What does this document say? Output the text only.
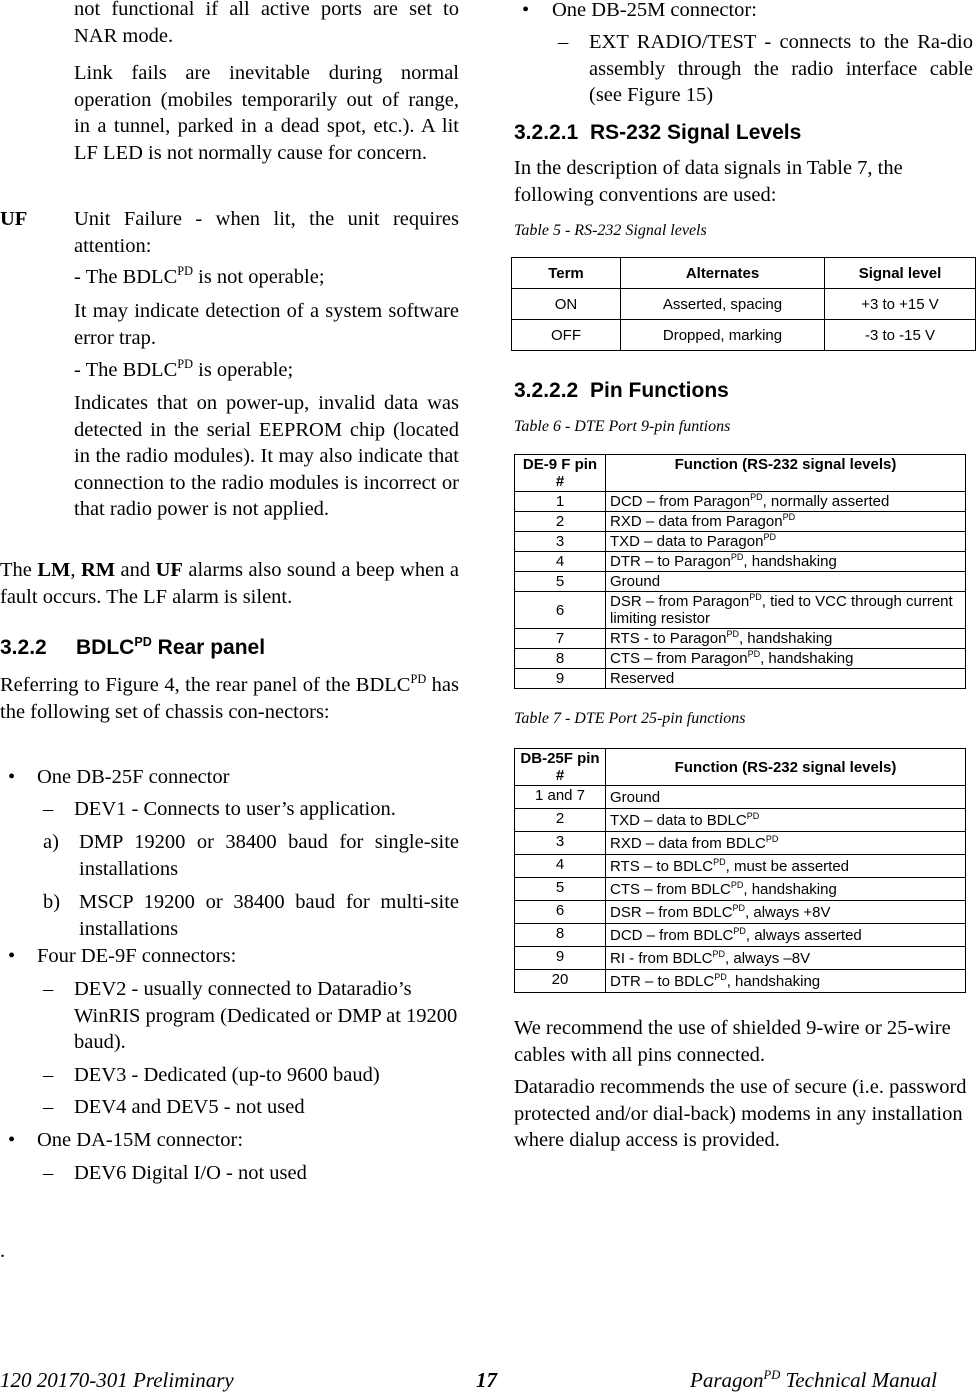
not functional if all active ports are set to NAR mode.

Link fails are inevitable during normal operation (mobiles temporarily out of range, in a tunnel, parked in a dead spot, etc.). A lit LF LED is not normally cause for concern.

UF	Unit Failure - when lit, the unit requires attention:

- The $BDLC^{PD}$ is not operable;

It may indicate detection of a system software error trap.

- The $BDLC^{PD}$ is operable;

Indicates that on power-up, invalid data was detected in the serial EEPROM chip (located in the radio modules). It may also indicate that connection to the radio modules is incorrect or that radio power is not applied.

The LM, RM and UF alarms also sound a beep when a fault occurs. The LF alarm is silent.

3.2.2 $BDLC^{PD}$ Rear panel

Referring to Figure 4, the rear panel of the $BDLC^{PD}$ has the following set of chassis con-nectors:

• One DB-25F connector
– DEV1 - Connects to user’s application.
a) DMP 19200 or 38400 baud for single-site installations
b) MSCP 19200 or 38400 baud for multi-site installations
• Four DE-9F connectors:
– DEV2 - usually connected to Dataradio’s WinRIS program (Dedicated or DMP at 19200 baud).
– DEV3 - Dedicated (up-to 9600 baud)
– DEV4 and DEV5 - not used
• One DA-15M connector:
– DEV6 Digital I/O - not used
.
• One DB-25M connector:
– EXT RADIO/TEST - connects to the Ra-dio assembly through the radio interface cable (see Figure 15)
3.2.2.1 RS-232 Signal Levels

In the description of data signals in Table 7, the following conventions are used:

Table 5 - RS-232 Signal levels

Term	Alternates	Signal level
ON	Asserted, spacing	+3 to +15 V
OFF	Dropped, marking	-3 to -15 V
3.2.2.2 Pin Functions

Table 6 - DTE Port 9-pin funtions

DE-9 F pin #	Function (RS-232 signal levels)
1	DCD – from Paragon$^{PD}$, normally asserted
2	RXD – data from Paragon$^{PD}$
3	TXD – data to Paragon$^{PD}$
4	DTR – to Paragon$^{PD}$, handshaking
5	Ground
6	DSR – from Paragon$^{PD}$, tied to VCC through current limiting resistor
7	RTS - to Paragon$^{PD}$, handshaking
8	CTS – from Paragon$^{PD}$, handshaking
9	Reserved

Table 7 - DTE Port 25-pin functions

DB-25F pin #	Function (RS-232 signal levels)
1 and 7	Ground
2	TXD – data to $BDLC^{PD}$
3	RXD – data from $BDLC^{PD}$
4	RTS – to $BDLC^{PD}$, must be asserted
5	CTS – from $BDLC^{PD}$, handshaking
6	DSR – from $BDLC^{PD}$, always +8V
8	DCD – from $BDLC^{PD}$, always asserted
9	RI - from $BDLC^{PD}$, always –8V
20	DTR – to $BDLC^{PD}$, handshaking

We recommend the use of shielded 9-wire or 25-wire cables with all pins connected.

Dataradio recommends the use of secure (i.e. password protected and/or dial-back) modems in any installation where dialup access is provided.

120 20170-301 Preliminary	17	Paragon$^{PD}$ Technical Manual
